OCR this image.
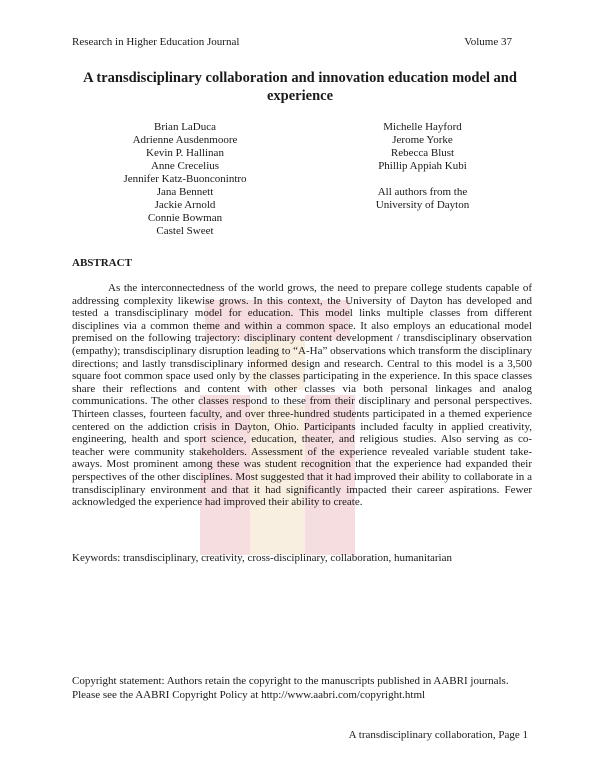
Research in Higher Education Journal	Volume 37
A transdisciplinary collaboration and innovation education model and experience
Brian LaDuca
Adrienne Ausdenmoore
Kevin P. Hallinan
Anne Crecelius
Jennifer Katz-Buonconintro
Jana Bennett
Jackie Arnold
Connie Bowman
Castel Sweet
Michelle Hayford
Jerome Yorke
Rebecca Blust
Phillip Appiah Kubi
All authors from the
University of Dayton
ABSTRACT
As the interconnectedness of the world grows, the need to prepare college students capable of addressing complexity likewise grows. In this context, the University of Dayton has developed and tested a transdisciplinary model for education. This model links multiple classes from different disciplines via a common theme and within a common space. It also employs an educational model premised on the following trajectory: disciplinary content development / transdisciplinary observation (empathy); transdisciplinary disruption leading to “A-Ha” observations which transform the disciplinary directions; and lastly transdisciplinary informed design and research. Central to this model is a 3,500 square foot common space used only by the classes participating in the experience. In this space classes share their reflections and content with other classes via both personal linkages and analog communications. The other classes respond to these from their disciplinary and personal perspectives. Thirteen classes, fourteen faculty, and over three-hundred students participated in a themed experience centered on the addiction crisis in Dayton, Ohio. Participants included faculty in applied creativity, engineering, health and sport science, education, theater, and religious studies. Also serving as co-teacher were community stakeholders. Assessment of the experience revealed variable student take-aways. Most prominent among these was student recognition that the experience had expanded their perspectives of the other disciplines. Most suggested that it had improved their ability to collaborate in a transdisciplinary environment and that it had significantly impacted their career aspirations. Fewer acknowledged the experience had improved their ability to create.
Keywords: transdisciplinary, creativity, cross-disciplinary, collaboration, humanitarian
Copyright statement: Authors retain the copyright to the manuscripts published in AABRI journals. Please see the AABRI Copyright Policy at http://www.aabri.com/copyright.html
A transdisciplinary collaboration, Page 1
